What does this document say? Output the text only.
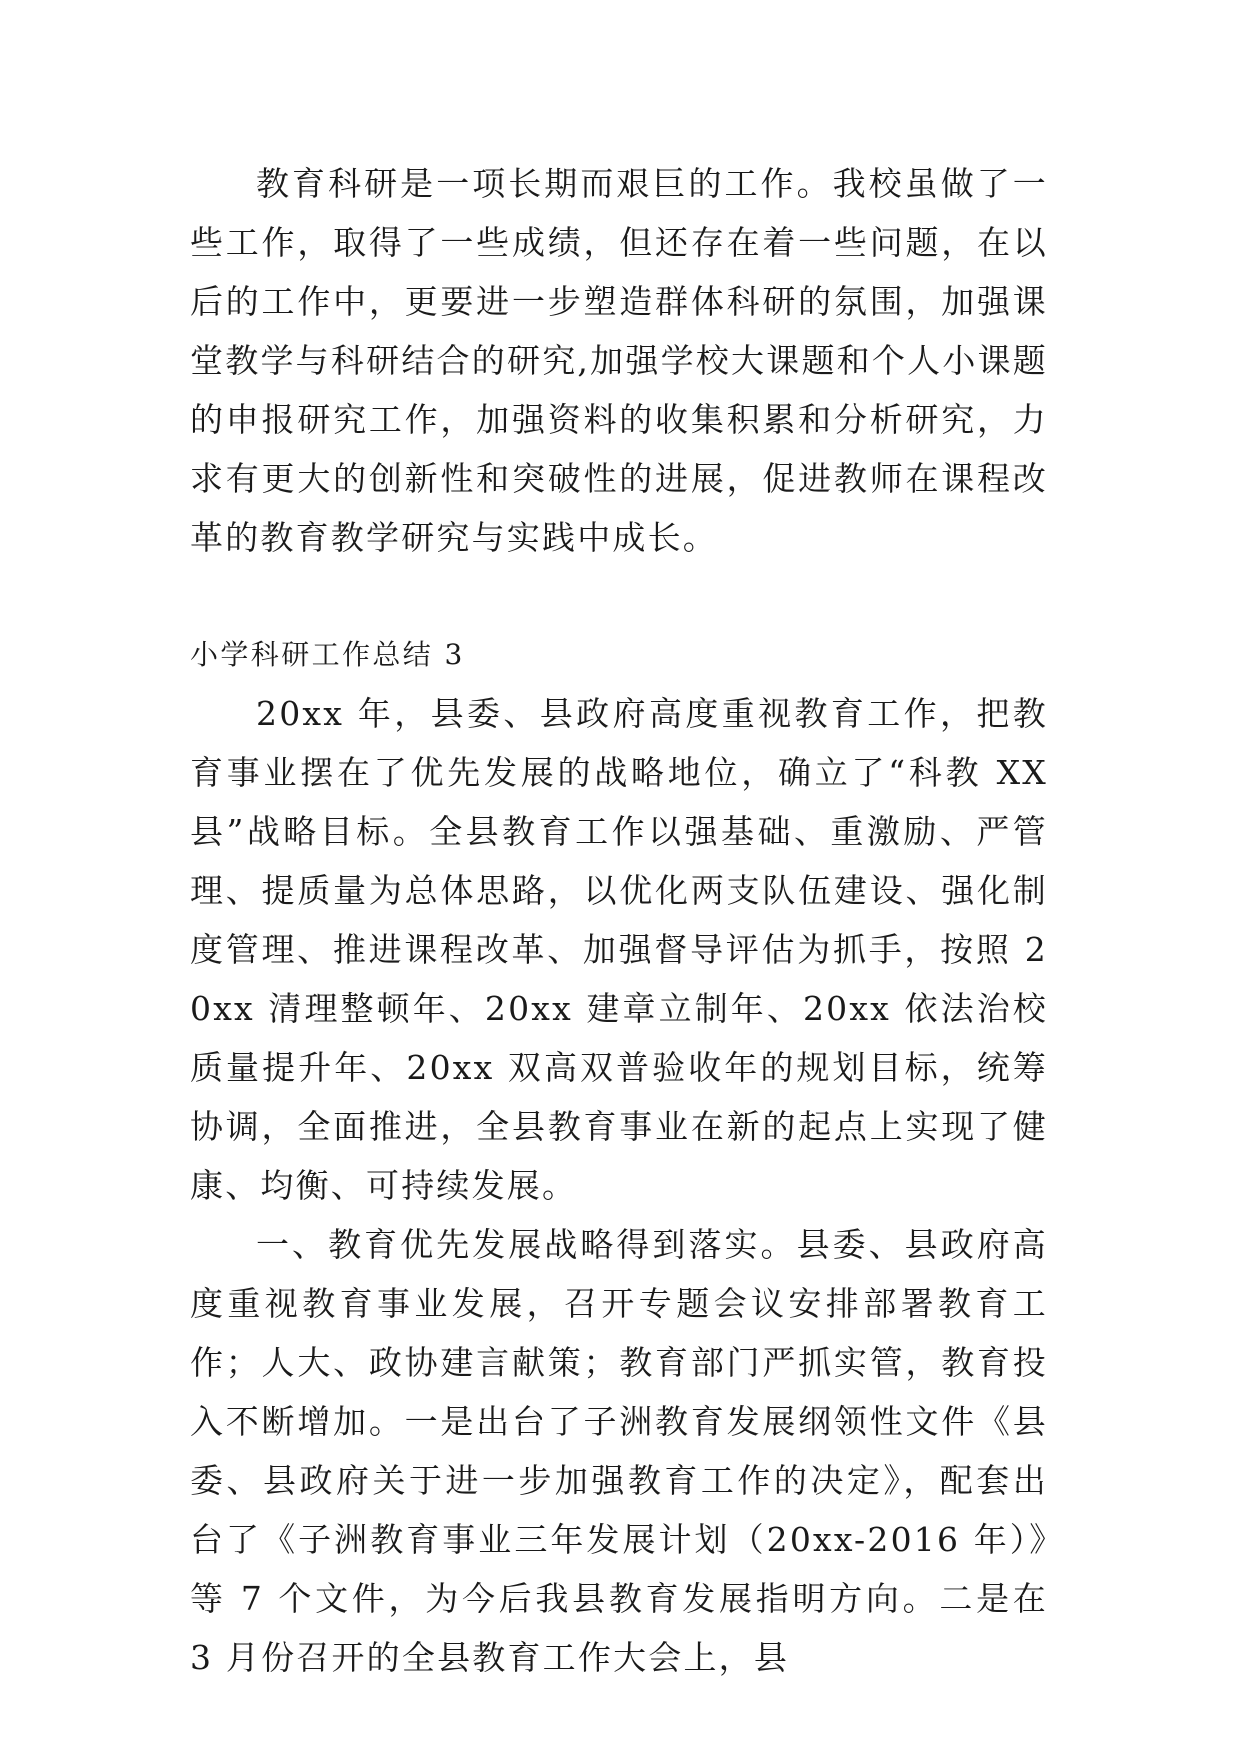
教育科研是一项长期而艰巨的工作。我校虽做了一些工作，取得了一些成绩，但还存在着一些问题，在以后的工作中，更要进一步塑造群体科研的氛围，加强课堂教学与科研结合的研究,加强学校大课题和个人小课题的申报研究工作，加强资料的收集积累和分析研究，力求有更大的创新性和突破性的进展，促进教师在课程改革的教育教学研究与实践中成长。

小学科研工作总结 3

20xx 年，县委、县政府高度重视教育工作，把教育事业摆在了优先发展的战略地位，确立了“科教 XX 县”战略目标。全县教育工作以强基础、重激励、严管理、提质量为总体思路，以优化两支队伍建设、强化制度管理、推进课程改革、加强督导评估为抓手，按照 20xx 清理整顿年、20xx 建章立制年、20xx 依法治校质量提升年、20xx 双高双普验收年的规划目标，统筹协调，全面推进，全县教育事业在新的起点上实现了健康、均衡、可持续发展。

一、教育优先发展战略得到落实。县委、县政府高度重视教育事业发展，召开专题会议安排部署教育工作；人大、政协建言献策；教育部门严抓实管，教育投入不断增加。一是出台了子洲教育发展纲领性文件《县委、县政府关于进一步加强教育工作的决定》，配套出台了《子洲教育事业三年发展计划（20xx-2016 年）》等 7 个文件，为今后我县教育发展指明方向。二是在 3 月份召开的全县教育工作大会上，县
